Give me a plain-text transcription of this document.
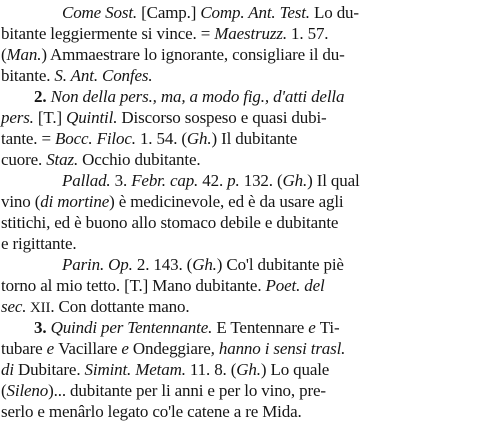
Come Sost. [Camp.] Comp. Ant. Test. Lo du-
bitante leggiermente si vince. = Maestruzz. 1. 57.
(Man.) Ammaestrare lo ignorante, consigliare il du-
bitante. S. Ant. Confes.
2. Non della pers., ma, a modo fig., d'atti della
pers. [T.] Quintil. Discorso sospeso e quasi dubi-
tante. = Bocc. Filoc. 1. 54. (Gh.) Il dubitante
cuore. Staz. Occhio dubitante.
Pallad. 3. Febr. cap. 42. p. 132. (Gh.) Il qual
vino (di mortine) è medicinevole, ed è da usare agli
stitichi, ed è buono allo stomaco debile e dubitante
e rigittante.
Parin. Op. 2. 143. (Gh.) Co'l dubitante piè
torno al mio tetto. [T.] Mano dubitante. Poet. del
sec. XII. Con dottante mano.
3. Quindi per Tentennante. E Tentennare e Ti-
tubare e Vacillare e Ondeggiare, hanno i sensi trasl.
di Dubitare. Simint. Metam. 11. 8. (Gh.) Lo quale
(Sileno)... dubitante per li anni e per lo vino, pre-
serlo e menârlo legato co'le catene a re Mida.
